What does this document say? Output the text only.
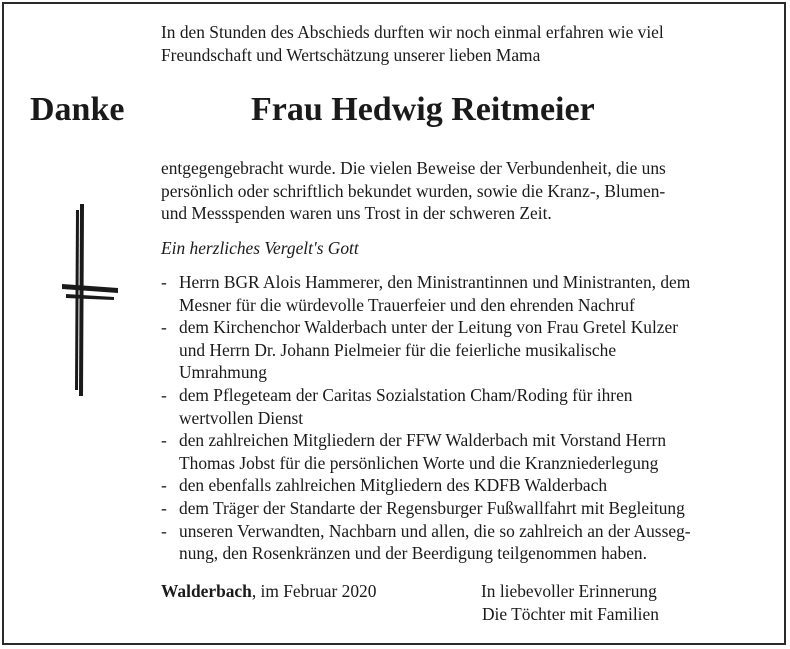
In den Stunden des Abschieds durften wir noch einmal erfahren wie viel
Freundschaft und Wertschätzung unserer lieben Mama
Danke	Frau Hedwig Reitmeier
entgegengebracht wurde. Die vielen Beweise der Verbundenheit, die uns
persönlich oder schriftlich bekundet wurden, sowie die Kranz-, Blumen-
und Messspenden waren uns Trost in der schweren Zeit.
Ein herzliches Vergelt's Gott
- Herrn BGR Alois Hammerer, den Ministrantinnen und Ministranten, dem
Mesner für die würdevolle Trauerfeier und den ehrenden Nachruf
- dem Kirchenchor Walderbach unter der Leitung von Frau Gretel Kulzer
und Herrn Dr. Johann Pielmeier für die feierliche musikalische
Umrahmung
- dem Pflegeteam der Caritas Sozialstation Cham/Roding für ihren
wertvollen Dienst
- den zahlreichen Mitgliedern der FFW Walderbach mit Vorstand Herrn
Thomas Jobst für die persönlichen Worte und die Kranzniederlegung
- den ebenfalls zahlreichen Mitgliedern des KDFB Walderbach
- dem Träger der Standarte der Regensburger Fußwallfahrt mit Begleitung
- unseren Verwandten, Nachbarn und allen, die so zahlreich an der Ausseg-
nung, den Rosenkränzen und der Beerdigung teilgenommen haben.
Walderbach, im Februar 2020	In liebevoller Erinnerung
Die Töchter mit Familien
